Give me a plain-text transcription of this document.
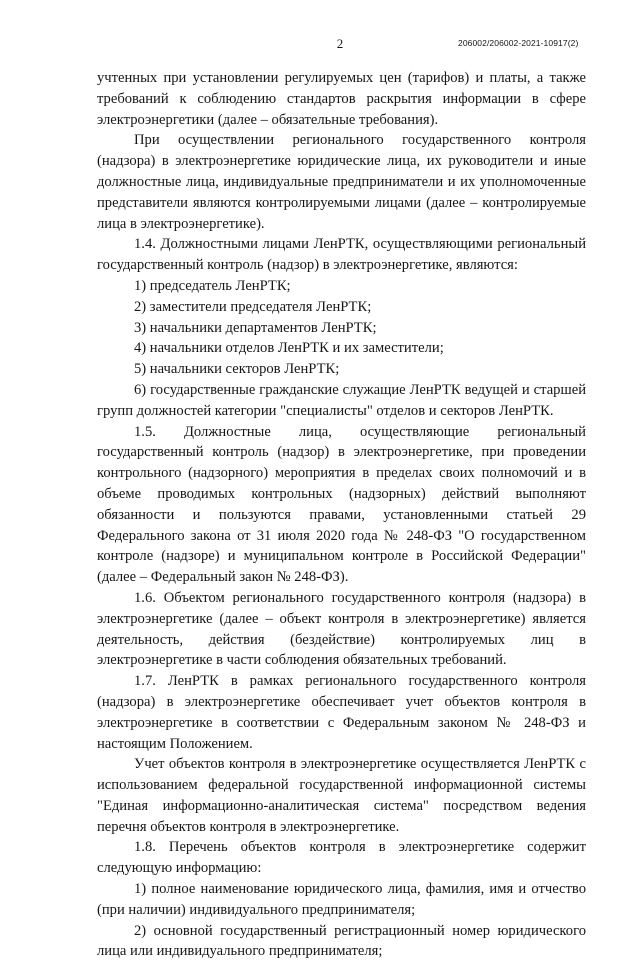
2	206002/206002-2021-10917(2)

учтенных при установлении регулируемых цен (тарифов) и платы, а также требований к соблюдению стандартов раскрытия информации в сфере электроэнергетики (далее – обязательные требования).

При осуществлении регионального государственного контроля (надзора) в электроэнергетике юридические лица, их руководители и иные должностные лица, индивидуальные предприниматели и их уполномоченные представители являются контролируемыми лицами (далее – контролируемые лица в электроэнергетике).

1.4. Должностными лицами ЛенРТК, осуществляющими региональный государственный контроль (надзор) в электроэнергетике, являются:

1) председатель ЛенРТК;

2) заместители председателя ЛенРТК;

3) начальники департаментов ЛенРТК;

4) начальники отделов ЛенРТК и их заместители;

5) начальники секторов ЛенРТК;

6) государственные гражданские служащие ЛенРТК ведущей и старшей групп должностей категории "специалисты" отделов и секторов ЛенРТК.

1.5. Должностные лица, осуществляющие региональный государственный контроль (надзор) в электроэнергетике, при проведении контрольного (надзорного) мероприятия в пределах своих полномочий и в объеме проводимых контрольных (надзорных) действий выполняют обязанности и пользуются правами, установленными статьей 29 Федерального закона от 31 июля 2020 года № 248-ФЗ "О государственном контроле (надзоре) и муниципальном контроле в Российской Федерации" (далее – Федеральный закон № 248-ФЗ).

1.6. Объектом регионального государственного контроля (надзора) в электроэнергетике (далее – объект контроля в электроэнергетике) является деятельность, действия (бездействие) контролируемых лиц в электроэнергетике в части соблюдения обязательных требований.

1.7. ЛенРТК в рамках регионального государственного контроля (надзора) в электроэнергетике обеспечивает учет объектов контроля в электроэнергетике в соответствии с Федеральным законом № 248-ФЗ и настоящим Положением.

Учет объектов контроля в электроэнергетике осуществляется ЛенРТК с использованием федеральной государственной информационной системы "Единая информационно-аналитическая система" посредством ведения перечня объектов контроля в электроэнергетике.

1.8. Перечень объектов контроля в электроэнергетике содержит следующую информацию:

1) полное наименование юридического лица, фамилия, имя и отчество (при наличии) индивидуального предпринимателя;

2) основной государственный регистрационный номер юридического лица или индивидуального предпринимателя;
